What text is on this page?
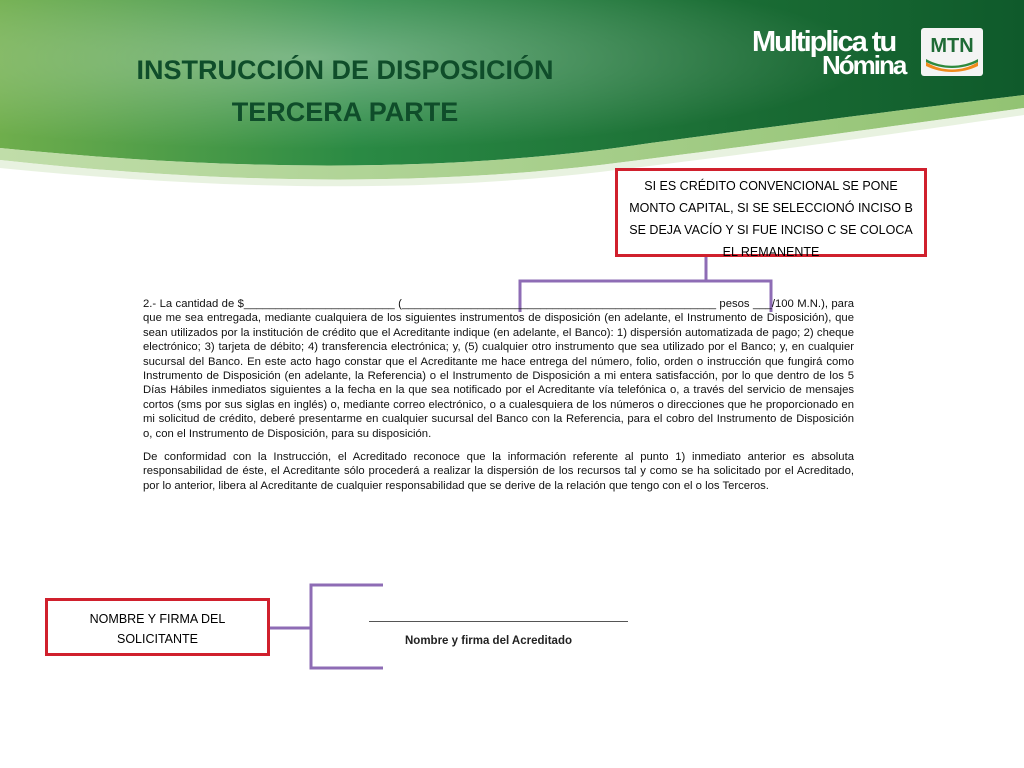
INSTRUCCIÓN DE DISPOSICIÓN
TERCERA PARTE
Multiplica tu
Nómina
MTN
SI ES CRÉDITO CONVENCIONAL SE PONE MONTO CAPITAL, SI SE SELECCIONÓ INCISO B SE DEJA VACÍO Y SI FUE INCISO C SE COLOCA EL REMANENTE
NOMBRE Y FIRMA DEL SOLICITANTE

2.- La cantidad de $________________________ (__________________________________________________ pesos ___/100 M.N.), para que me sea entregada, mediante cualquiera de los siguientes instrumentos de disposición (en adelante, el Instrumento de Disposición), que sean utilizados por la institución de crédito que el Acreditante indique (en adelante, el Banco): 1) dispersión automatizada de pago; 2) cheque electrónico; 3) tarjeta de débito; 4) transferencia electrónica; y, (5) cualquier otro instrumento que sea utilizado por el Banco; y, en cualquier sucursal del Banco. En este acto hago constar que el Acreditante me hace entrega del número, folio, orden o instrucción que fungirá como Instrumento de Disposición (en adelante, la Referencia) o el Instrumento de Disposición a mi entera satisfacción, por lo que dentro de los 5 Días Hábiles inmediatos siguientes a la fecha en la que sea notificado por el Acreditante vía telefónica o, a través del servicio de mensajes cortos (sms por sus siglas en inglés) o, mediante correo electrónico, o a cualesquiera de los números o direcciones que he proporcionado en mi solicitud de crédito, deberé presentarme en cualquier sucursal del Banco con la Referencia, para el cobro del Instrumento de Disposición o, con el Instrumento de Disposición, para su disposición.

De conformidad con la Instrucción, el Acreditado reconoce que la información referente al punto 1) inmediato anterior es absoluta responsabilidad de éste, el Acreditante sólo procederá a realizar la dispersión de los recursos tal y como se ha solicitado por el Acreditado, por lo anterior, libera al Acreditante de cualquier responsabilidad que se derive de la relación que tengo con el o los Terceros.

Nombre y firma del Acreditado
